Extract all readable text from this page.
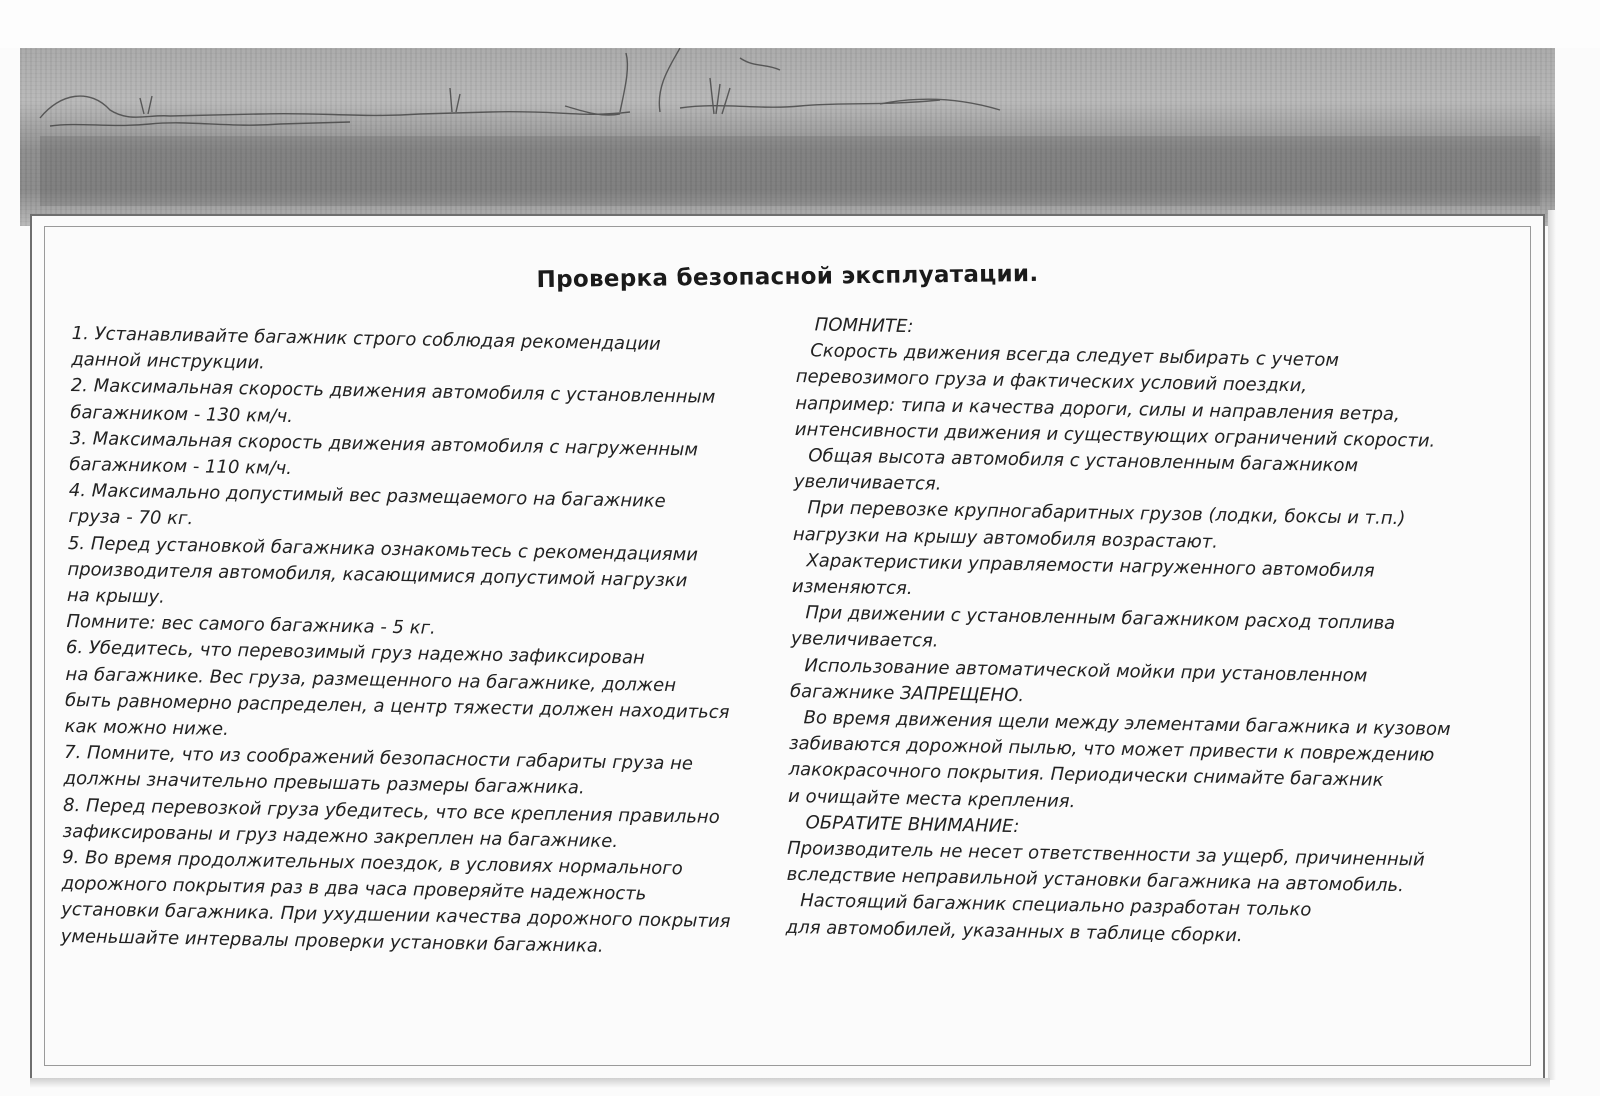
Проверка безопасной эксплуатации.
1. Устанавливайте багажник строго соблюдая рекомендации
данной инструкции.
2. Максимальная скорость движения автомобиля с установленным
багажником - 130 км/ч.
3. Максимальная скорость движения автомобиля с нагруженным
багажником - 110 км/ч.
4. Максимально допустимый вес размещаемого на багажнике
груза - 70 кг.
5. Перед установкой багажника ознакомьтесь с рекомендациями
производителя автомобиля, касающимися допустимой нагрузки
на крышу.
Помните: вес самого багажника - 5 кг.
6. Убедитесь, что перевозимый груз надежно зафиксирован
на багажнике. Вес груза, размещенного на багажнике, должен
быть равномерно распределен, а центр тяжести должен находиться
как можно ниже.
7. Помните, что из соображений безопасности габариты груза не
должны значительно превышать размеры багажника.
8. Перед перевозкой груза убедитесь, что все крепления правильно
зафиксированы и груз надежно закреплен на багажнике.
9. Во время продолжительных поездок, в условиях нормального
дорожного покрытия раз в два часа проверяйте надежность
установки багажника. При ухудшении качества дорожного покрытия
уменьшайте интервалы проверки установки багажника.
ПОМНИТЕ:
Скорость движения всегда следует выбирать с учетом
перевозимого груза и фактических условий поездки,
например: типа и качества дороги, силы и направления ветра,
интенсивности движения и существующих ограничений скорости.
Общая высота автомобиля с установленным багажником
увеличивается.
При перевозке крупногабаритных грузов (лодки, боксы и т.п.)
нагрузки на крышу автомобиля возрастают.
Характеристики управляемости нагруженного автомобиля
изменяются.
При движении с установленным багажником расход топлива
увеличивается.
Использование автоматической мойки при установленном
багажнике ЗАПРЕЩЕНО.
Во время движения щели между элементами багажника и кузовом
забиваются дорожной пылью, что может привести к повреждению
лакокрасочного покрытия. Периодически снимайте багажник
и очищайте места крепления.
ОБРАТИТЕ ВНИМАНИЕ:
Производитель не несет ответственности за ущерб, причиненный
вследствие неправильной установки багажника на автомобиль.
Настоящий багажник специально разработан только
для автомобилей, указанных в таблице сборки.
